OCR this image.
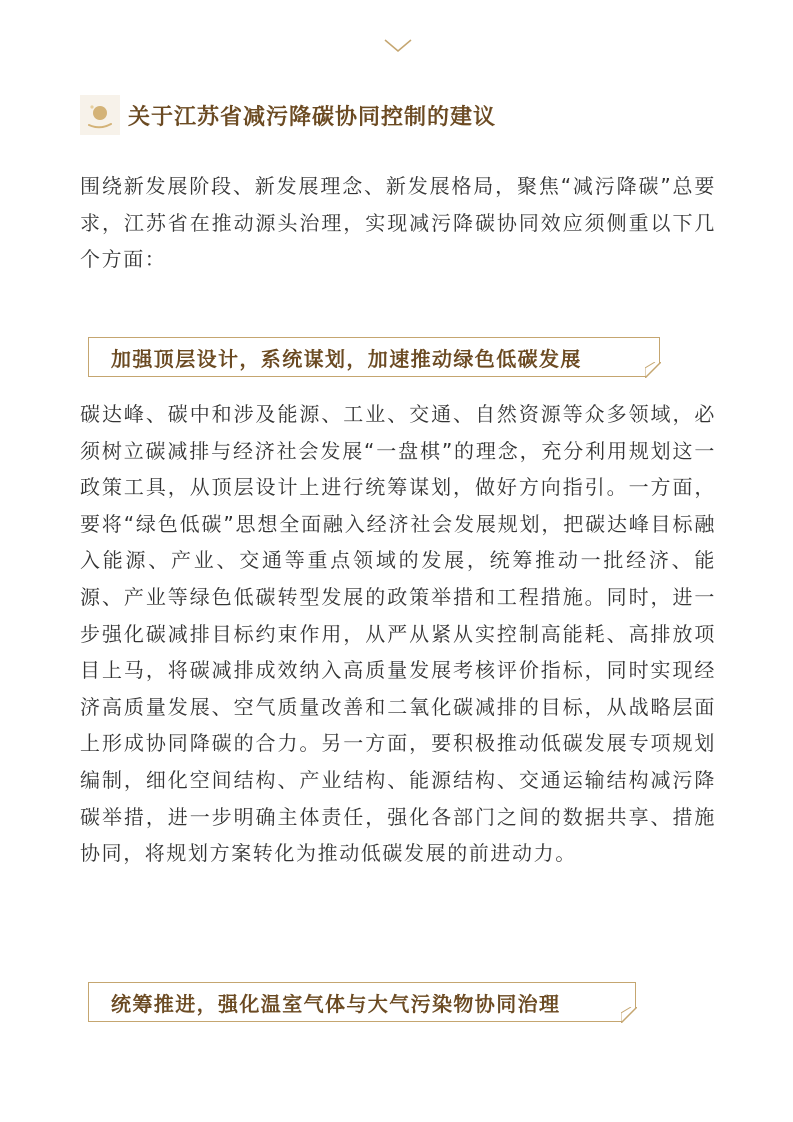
关于江苏省减污降碳协同控制的建议

围绕新发展阶段、新发展理念、新发展格局，聚焦“减污降碳”总要求，江苏省在推动源头治理，实现减污降碳协同效应须侧重以下几个方面：

加强顶层设计，系统谋划，加速推动绿色低碳发展

碳达峰、碳中和涉及能源、工业、交通、自然资源等众多领域，必须树立碳减排与经济社会发展“一盘棋”的理念，充分利用规划这一政策工具，从顶层设计上进行统筹谋划，做好方向指引。一方面，要将“绿色低碳”思想全面融入经济社会发展规划，把碳达峰目标融入能源、产业、交通等重点领域的发展，统筹推动一批经济、能源、产业等绿色低碳转型发展的政策举措和工程措施。同时，进一步强化碳减排目标约束作用，从严从紧从实控制高能耗、高排放项目上马，将碳减排成效纳入高质量发展考核评价指标，同时实现经济高质量发展、空气质量改善和二氧化碳减排的目标，从战略层面上形成协同降碳的合力。另一方面，要积极推动低碳发展专项规划编制，细化空间结构、产业结构、能源结构、交通运输结构减污降碳举措，进一步明确主体责任，强化各部门之间的数据共享、措施协同，将规划方案转化为推动低碳发展的前进动力。

统筹推进，强化温室气体与大气污染物协同治理
